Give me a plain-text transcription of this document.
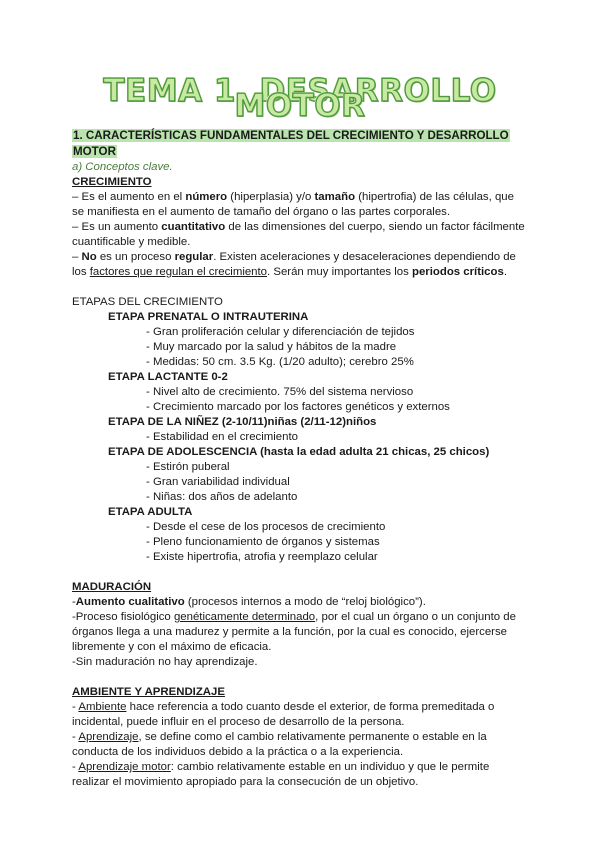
TEMA 1. DESARROLLO MOTOR

1. CARACTERÍSTICAS FUNDAMENTALES DEL CRECIMIENTO Y DESARROLLO MOTOR

a) Conceptos clave.

CRECIMIENTO

– Es el aumento en el número (hiperplasia) y/o tamaño (hipertrofia) de las células, que se manifiesta en el aumento de tamaño del órgano o las partes corporales.

– Es un aumento cuantitativo de las dimensiones del cuerpo, siendo un factor fácilmente cuantificable y medible.

– No es un proceso regular. Existen aceleraciones y desaceleraciones dependiendo de los factores que regulan el crecimiento. Serán muy importantes los periodos críticos.

ETAPAS DEL CRECIMIENTO

ETAPA PRENATAL O INTRAUTERINA

- Gran proliferación celular y diferenciación de tejidos

- Muy marcado por la salud y hábitos de la madre

- Medidas: 50 cm. 3.5 Kg. (1/20 adulto); cerebro 25%

ETAPA LACTANTE 0-2

- Nivel alto de crecimiento. 75% del sistema nervioso

- Crecimiento marcado por los factores genéticos y externos

ETAPA DE LA NIÑEZ (2-10/11)niñas (2/11-12)niños

- Estabilidad en el crecimiento

ETAPA DE ADOLESCENCIA (hasta la edad adulta 21 chicas, 25 chicos)

- Estirón puberal

- Gran variabilidad individual

- Niñas: dos años de adelanto

ETAPA ADULTA

- Desde el cese de los procesos de crecimiento

- Pleno funcionamiento de órganos y sistemas

- Existe hipertrofia, atrofia y reemplazo celular

MADURACIÓN

-Aumento cualitativo (procesos internos a modo de “reloj biológico”).

-Proceso fisiológico genéticamente determinado, por el cual un órgano o un conjunto de órganos llega a una madurez y permite a la función, por la cual es conocido, ejercerse libremente y con el máximo de eficacia.

-Sin maduración no hay aprendizaje.

AMBIENTE Y APRENDIZAJE

- Ambiente hace referencia a todo cuanto desde el exterior, de forma premeditada o incidental, puede influir en el proceso de desarrollo de la persona.

- Aprendizaje, se define como el cambio relativamente permanente o estable en la conducta de los individuos debido a la práctica o a la experiencia.

- Aprendizaje motor: cambio relativamente estable en un individuo y que le permite realizar el movimiento apropiado para la consecución de un objetivo.
